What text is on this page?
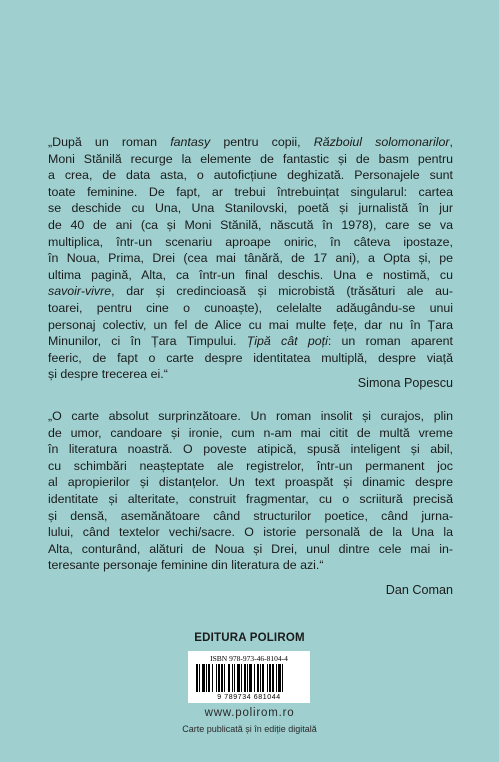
„După un roman fantasy pentru copii, Războiul solomonarilor,

Moni Stănilă recurge la elemente de fantastic și de basm pentru

a crea, de data asta, o autoficțiune deghizată. Personajele sunt

toate feminine. De fapt, ar trebui întrebuințat singularul: cartea

se deschide cu Una, Una Stanilovski, poetă și jurnalistă în jur

de 40 de ani (ca și Moni Stănilă, născută în 1978), care se va

multiplica, într-un scenariu aproape oniric, în câteva ipostaze,

în Noua, Prima, Drei (cea mai tânără, de 17 ani), a Opta și, pe

ultima pagină, Alta, ca într-un final deschis. Una e nostimă, cu

savoir-vivre, dar și credincioasă și microbistă (trăsături ale au-

toarei, pentru cine o cunoaște), celelalte adăugându-se unui

personaj colectiv, un fel de Alice cu mai multe fețe, dar nu în Țara

Minunilor, ci în Țara Timpului. Țipă cât poți: un roman aparent

feeric, de fapt o carte despre identitatea multiplă, despre viață

și despre trecerea ei.“

Simona Popescu

„O carte absolut surprinzătoare. Un roman insolit și curajos, plin

de umor, candoare și ironie, cum n-am mai citit de multă vreme

în literatura noastră. O poveste atipică, spusă inteligent și abil,

cu schimbări neașteptate ale registrelor, într-un permanent joc

al apropierilor și distanțelor. Un text proaspăt și dinamic despre

identitate și alteritate, construit fragmentar, cu o scriitură precisă

și densă, asemănătoare când structurilor poetice, când jurna-

lului, când textelor vechi/sacre. O istorie personală de la Una la

Alta, conturând, alături de Noua și Drei, unul dintre cele mai in-

teresante personaje feminine din literatura de azi.“

Dan Coman
EDITURA POLIROM
ISBN 978-973-46-8104-4
9 789734 681044
www.polirom.ro
Carte publicată și în ediție digitală
